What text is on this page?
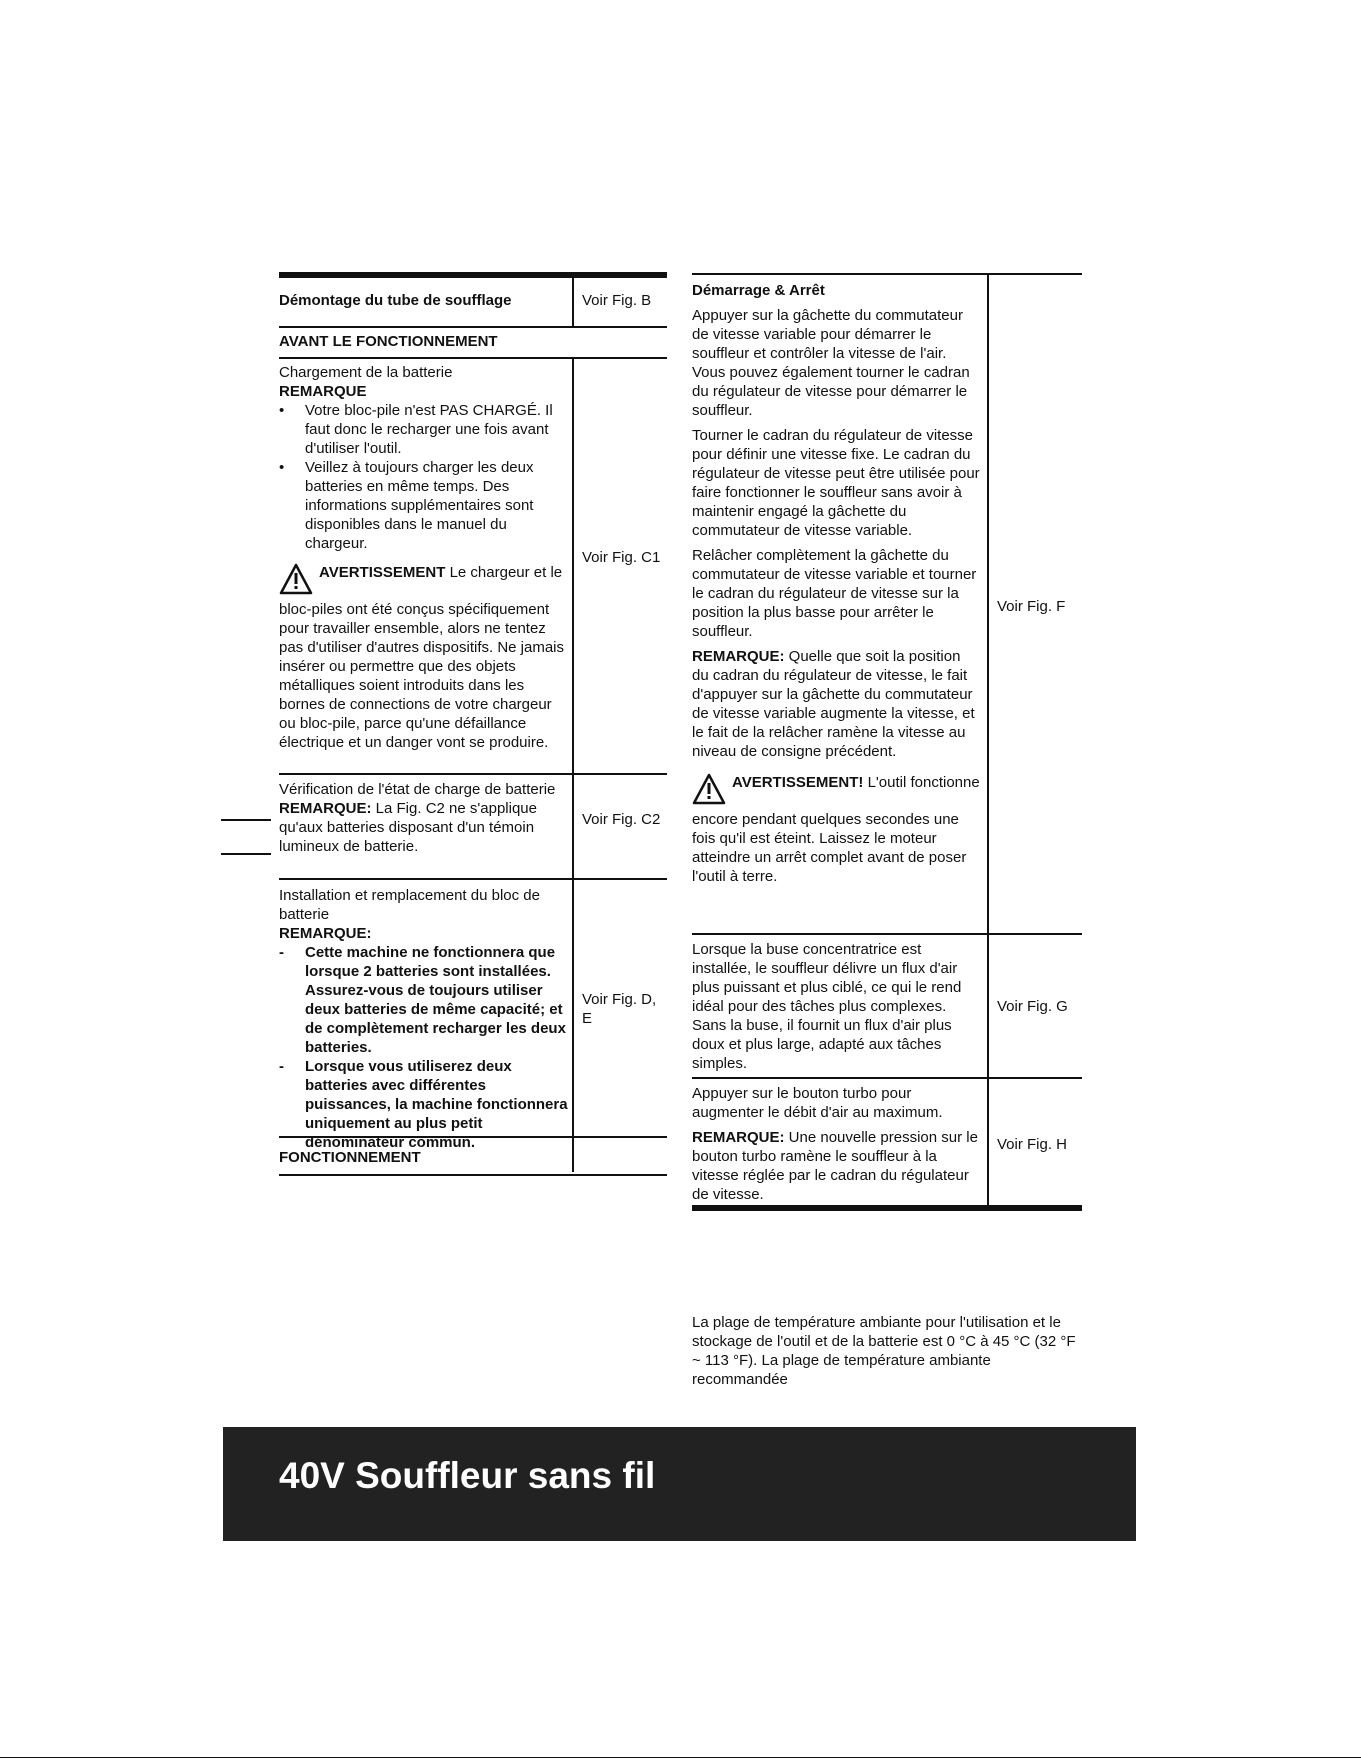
Démontage du tube de soufflage	Voir Fig. B
AVANT LE FONCTIONNEMENT
Chargement de la batterie
REMARQUE
•	Votre bloc-pile n'est PAS CHARGÉ. Il faut donc le recharger une fois avant d'utiliser l'outil.
•	Veillez à toujours charger les deux batteries en même temps. Des informations supplémentaires sont disponibles dans le manuel du chargeur.
AVERTISSEMENT Le chargeur et le bloc-piles ont été conçus spécifiquement pour travailler ensemble, alors ne tentez pas d'utiliser d'autres dispositifs. Ne jamais insérer ou permettre que des objets métalliques soient introduits dans les bornes de connections de votre chargeur ou bloc-pile, parce qu'une défaillance électrique et un danger vont se produire.
Voir Fig. C1
Vérification de l'état de charge de batterie
REMARQUE: La Fig. C2 ne s'applique qu'aux batteries disposant d'un témoin lumineux de batterie.
Voir Fig. C2
Installation et remplacement du bloc de batterie
REMARQUE:
-	Cette machine ne fonctionnera que lorsque 2 batteries sont installées. Assurez-vous de toujours utiliser deux batteries de même capacité; et de complètement recharger les deux batteries.
-	Lorsque vous utiliserez deux batteries avec différentes puissances, la machine fonctionnera uniquement au plus petit dénominateur commun.
Voir Fig. D, E
FONCTIONNEMENT

Démarrage & Arrêt

Appuyer sur la gâchette du commutateur de vitesse variable pour démarrer le souffleur et contrôler la vitesse de l'air. Vous pouvez également tourner le cadran du régulateur de vitesse pour démarrer le souffleur.

Tourner le cadran du régulateur de vitesse pour définir une vitesse fixe. Le cadran du régulateur de vitesse peut être utilisée pour faire fonctionner le souffleur sans avoir à maintenir engagé la gâchette du commutateur de vitesse variable.

Relâcher complètement la gâchette du commutateur de vitesse variable et tourner le cadran du régulateur de vitesse sur la position la plus basse pour arrêter le souffleur.

REMARQUE: Quelle que soit la position du cadran du régulateur de vitesse, le fait d'appuyer sur la gâchette du commutateur de vitesse variable augmente la vitesse, et le fait de la relâcher ramène la vitesse au niveau de consigne précédent.

AVERTISSEMENT! L'outil fonctionne encore pendant quelques secondes une fois qu'il est éteint. Laissez le moteur atteindre un arrêt complet avant de poser l'outil à terre.
Voir Fig. F
Lorsque la buse concentratrice est installée, le souffleur délivre un flux d'air plus puissant et plus ciblé, ce qui le rend idéal pour des tâches plus complexes. Sans la buse, il fournit un flux d'air plus doux et plus large, adapté aux tâches simples.
Voir Fig. G

Appuyer sur le bouton turbo pour augmenter le débit d'air au maximum.

REMARQUE: Une nouvelle pression sur le bouton turbo ramène le souffleur à la vitesse réglée par le cadran du régulateur de vitesse.

Voir Fig. H
La plage de température ambiante pour l'utilisation et le stockage de l'outil et de la batterie est 0 °C à 45 °C (32 °F ~ 113 °F). La plage de température ambiante recommandée
40V Souffleur sans fil
